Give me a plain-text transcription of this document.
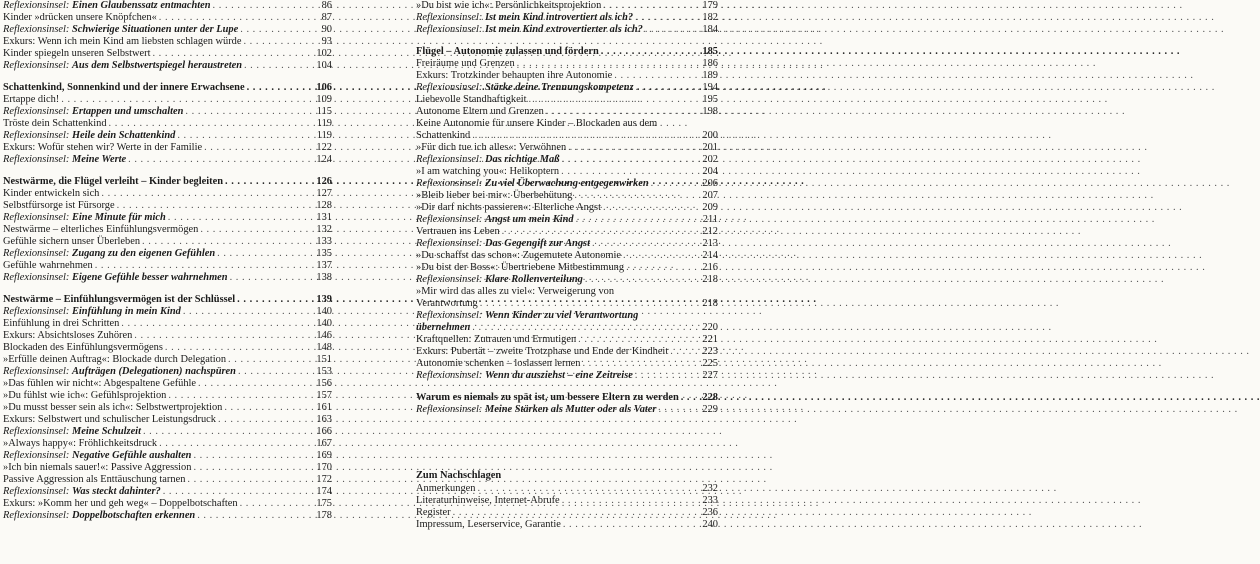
Reflexionsinsel: Einen Glaubenssatz entmachten . . .	86
Kinder »drücken unsere Knöpfchen« . . .	87
Reflexionsinsel: Schwierige Situationen unter der Lupe . . .	90
Exkurs: Wenn ich mein Kind am liebsten schlagen würde . . .	93
Kinder spiegeln unseren Selbstwert . . .	102
Reflexionsinsel: Aus dem Selbstwertspiegel heraustreten . . .	104
Schattenkind, Sonnenkind und der innere Erwachsene . . .	106
Ertappe dich! . . .	109
Reflexionsinsel: Ertappen und umschalten . . .	115
Tröste dein Schattenkind . . .	119
Reflexionsinsel: Heile dein Schattenkind . . .	119
Exkurs: Wofür stehen wir? Werte in der Familie . . .	122
Reflexionsinsel: Meine Werte . . .	124
Nestwärme, die Flügel verleiht – Kinder begleiten . . .	126
Kinder entwickeln sich . . .	127
Selbstfürsorge ist Fürsorge . . .	128
Reflexionsinsel: Eine Minute für mich . . .	131
Nestwärme – elterliches Einfühlungsvermögen . . .	132
Gefühle sichern unser Überleben . . .	133
Reflexionsinsel: Zugang zu den eigenen Gefühlen . . .	135
Gefühle wahrnehmen . . .	137
Reflexionsinsel: Eigene Gefühle besser wahrnehmen . . .	138
Nestwärme – Einfühlungsvermögen ist der Schlüssel . . .	139
Reflexionsinsel: Einfühlung in mein Kind . . .	140
Einfühlung in drei Schritten . . .	140
Exkurs: Absichtsloses Zuhören . . .	146
Blockaden des Einfühlungsvermögens . . .	148
»Erfülle deinen Auftrag«: Blockade durch Delegation . . .	151
Reflexionsinsel: Aufträgen (Delegationen) nachspüren . . .	153
»Das fühlen wir nicht«: Abgespaltene Gefühle . . .	156
»Du fühlst wie ich«: Gefühlsprojektion . . .	157
»Du musst besser sein als ich«: Selbstwertprojektion . . .	161
Exkurs: Selbstwert und schulischer Leistungsdruck . . .	163
Reflexionsinsel: Meine Schulzeit . . .	166
»Always happy«: Fröhlichkeitsdruck . . .	167
Reflexionsinsel: Negative Gefühle aushalten . . .	169
»Ich bin niemals sauer!«: Passive Aggression . . .	170
Passive Aggression als Enttäuschung tarnen . . .	172
Reflexionsinsel: Was steckt dahinter? . . .	174
Exkurs: »Komm her und geh weg« – Doppelbotschaften . . .	175
Reflexionsinsel: Doppelbotschaften erkennen . . .	178
»Du bist wie ich«: Persönlichkeitsprojektion . . .	179
Reflexionsinsel: Ist mein Kind introvertiert als ich? . . .	182
Reflexionsinsel: Ist mein Kind extrovertierter als ich? . . .	184
Flügel – Autonomie zulassen und fördern . . .	185
Freiräume und Grenzen . . .	186
Exkurs: Trotzkinder behaupten ihre Autonomie . . .	189
Reflexionsinsel: Stärke deine Trennungskompetenz . . .	194
Liebevolle Standhaftigkeit . . .	195
Autonome Eltern und Grenzen . . .	198
Keine Autonomie für unsere Kinder – Blockaden aus dem
Schattenkind . . .	200
»Für dich tue ich alles«: Verwöhnen . . .	201
Reflexionsinsel: Das richtige Maß . . .	202
»I am watching you«: Helikoptern . . .	204
Reflexionsinsel: Zu viel Überwachung entgegenwirken . . .	206
»Bleib lieber bei mir«: Überbehütung . . .	207
»Dir darf nichts passieren«: Elterliche Angst . . .	209
Reflexionsinsel: Angst um mein Kind . . .	211
Vertrauen ins Leben . . .	212
Reflexionsinsel: Das Gegengift zur Angst . . .	213
»Du schaffst das schon«: Zugemutete Autonomie . . .	214
»Du bist der Boss«: Übertriebene Mitbestimmung . . .	216
Reflexionsinsel: Klare Rollenverteilung . . .	218
»Mir wird das alles zu viel«: Verweigerung von
Verantwortung . . .	218
Reflexionsinsel: Wenn Kinder zu viel Verantwortung
übernehmen . . .	220
Kraftquellen: Zutrauen und Ermutigen . . .	221
Exkurs: Pubertät – zweite Trotzphase und Ende der Kindheit . . .	223
Autonomie schenken – loslassen lernen . . .	225
Reflexionsinsel: Wenn du ausziehst – eine Zeitreise . . .	227
Warum es niemals zu spät ist, um bessere Eltern zu werden . . . 228
Reflexionsinsel: Meine Stärken als Mutter oder als Vater . . .	229
Zum Nachschlagen
Anmerkungen . . .	232
Literaturhinweise, Internet-Abrufe . . .	233
Register . . .	236
Impressum, Leserservice, Garantie . . .	240
